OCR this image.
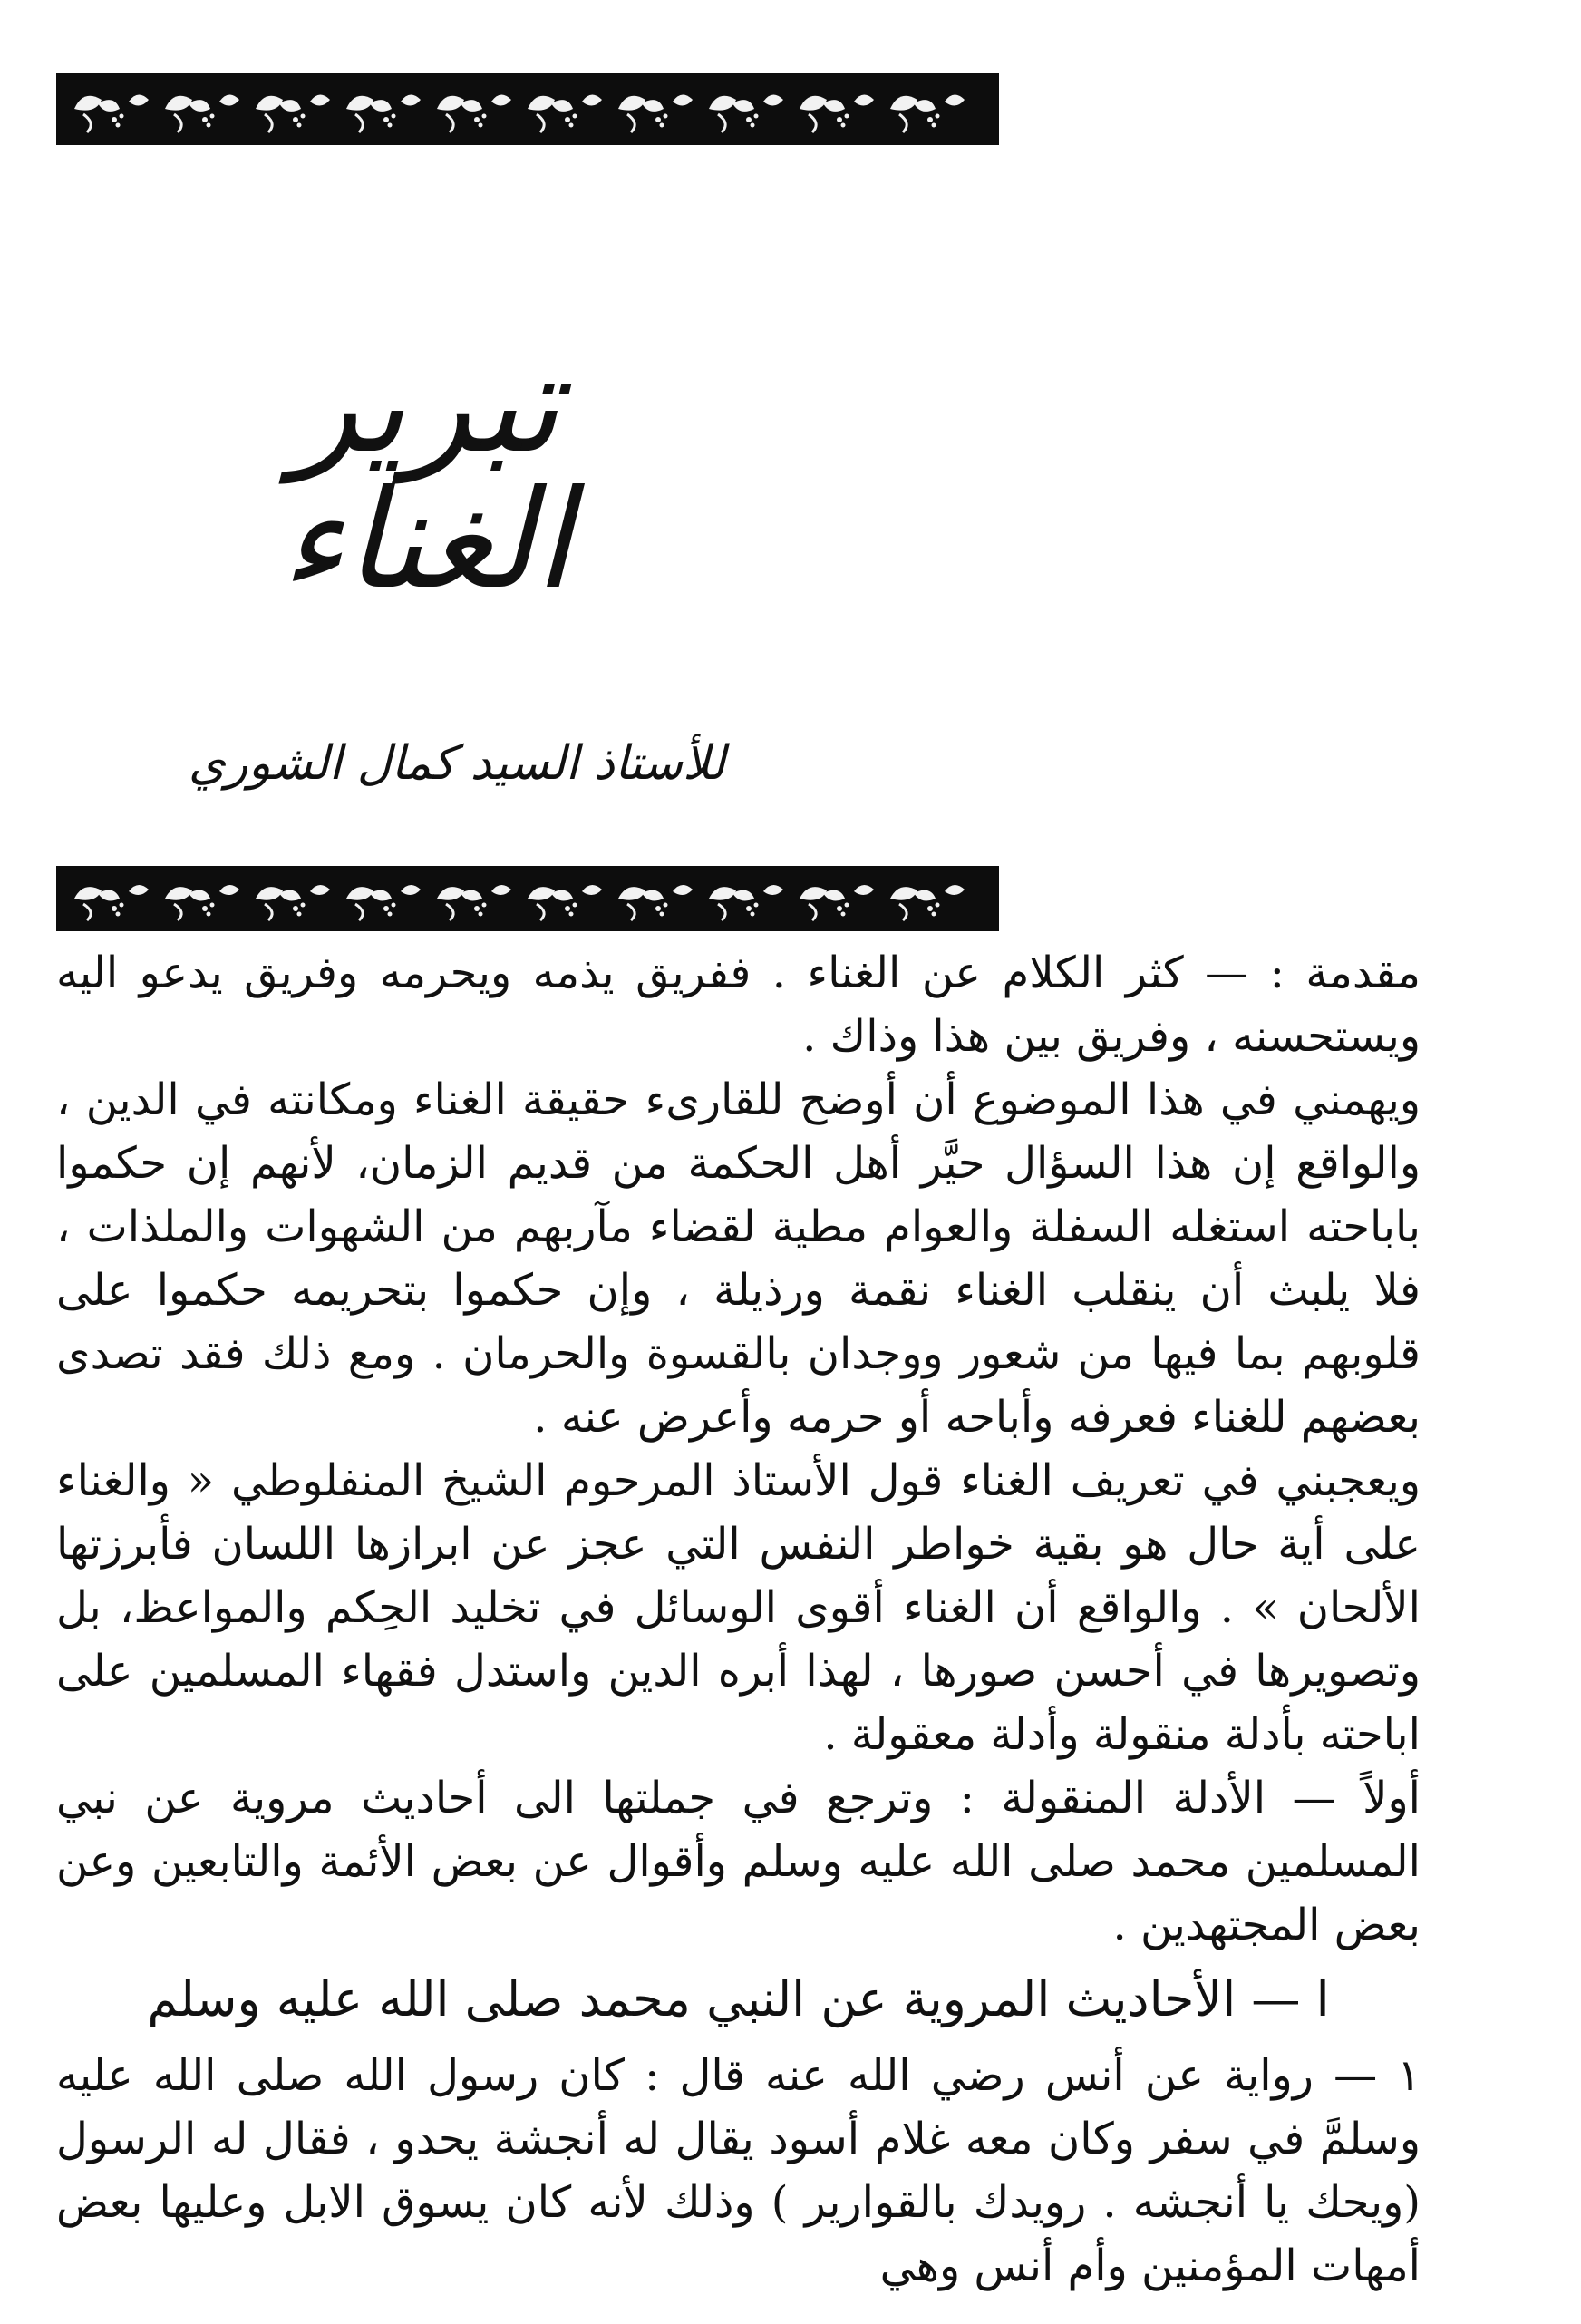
تبرير الغناء
للأستاذ السيد كمال الشوري

مقدمة : — كثر الكلام عن الغناء . ففريق يذمه ويحرمه وفريق يدعو اليه ويستحسنه ، وفريق بين هذا وذاك .

ويهمني في هذا الموضوع أن أوضح للقارىء حقيقة الغناء ومكانته في الدين ، والواقع إن هذا السؤال حيَّر أهل الحكمة من قديم الزمان، لأنهم إن حكموا باباحته استغله السفلة والعوام مطية لقضاء مآربهم من الشهوات والملذات ، فلا يلبث أن ينقلب الغناء نقمة ورذيلة ، وإن حكموا بتحريمه حكموا على قلوبهم بما فيها من شعور ووجدان بالقسوة والحرمان . ومع ذلك فقد تصدى بعضهم للغناء فعرفه وأباحه أو حرمه وأعرض عنه .

ويعجبني في تعريف الغناء قول الأستاذ المرحوم الشيخ المنفلوطي « والغناء على أية حال هو بقية خواطر النفس التي عجز عن ابرازها اللسان فأبرزتها الألحان » . والواقع أن الغناء أقوى الوسائل في تخليد الحِكم والمواعظ، بل وتصويرها في أحسن صورها ، لهذا أبره الدين واستدل فقهاء المسلمين على اباحته بأدلة منقولة وأدلة معقولة .

أولاً — الأدلة المنقولة : وترجع في جملتها الى أحاديث مروية عن نبي المسلمين محمد صلى الله عليه وسلم وأقوال عن بعض الأئمة والتابعين وعن بعض المجتهدين .

ا — الأحاديث المروية عن النبي محمد صلى الله عليه وسلم

١ — رواية عن أنس رضي الله عنه قال : كان رسول الله صلى الله عليه وسلمَّ في سفر وكان معه غلام أسود يقال له أنجشة يحدو ، فقال له الرسول (ويحك يا أنجشه . رويدك بالقوارير ) وذلك لأنه كان يسوق الابل وعليها بعض أمهات المؤمنين وأم أنس وهي
